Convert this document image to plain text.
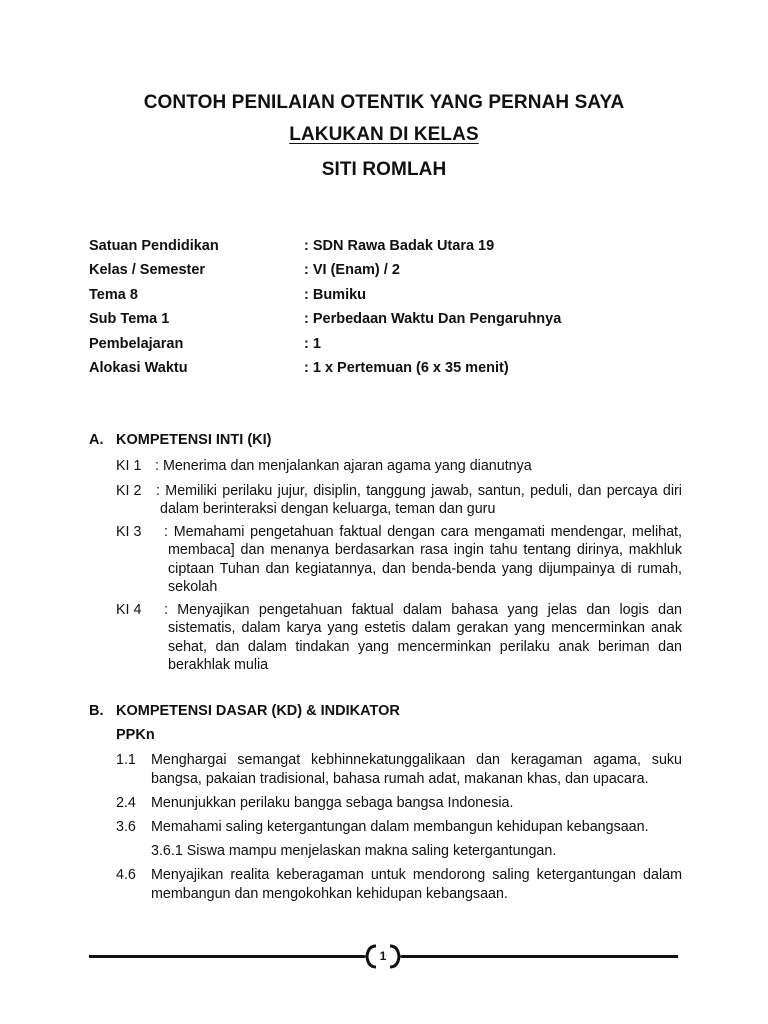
CONTOH PENILAIAN OTENTIK YANG PERNAH SAYA
LAKUKAN DI KELAS
SITI ROMLAH
Satuan Pendidikan	: SDN Rawa Badak Utara 19
Kelas / Semester	: VI (Enam) / 2
Tema 8	: Bumiku
Sub Tema 1	: Perbedaan Waktu Dan Pengaruhnya
Pembelajaran	: 1
Alokasi Waktu	: 1 x Pertemuan (6 x 35 menit)
A. KOMPETENSI INTI (KI)
KI 1 : Menerima dan menjalankan ajaran agama yang dianutnya
KI 2 : Memiliki perilaku jujur, disiplin, tanggung jawab, santun, peduli, dan percaya diri dalam berinteraksi dengan keluarga, teman dan guru
KI 3 : Memahami pengetahuan faktual dengan cara mengamati mendengar, melihat, membaca] dan menanya berdasarkan rasa ingin tahu tentang dirinya, makhluk ciptaan Tuhan dan kegiatannya, dan benda-benda yang dijumpainya di rumah, sekolah
KI 4 : Menyajikan pengetahuan faktual dalam bahasa yang jelas dan logis dan sistematis, dalam karya yang estetis dalam gerakan yang mencerminkan anak sehat, dan dalam tindakan yang mencerminkan perilaku anak beriman dan berakhlak mulia
B. KOMPETENSI DASAR (KD) & INDIKATOR
PPKn
1.1 Menghargai semangat kebhinnekatunggalikaan dan keragaman agama, suku bangsa, pakaian tradisional, bahasa rumah adat, makanan khas, dan upacara.
2.4 Menunjukkan perilaku bangga sebaga bangsa Indonesia.
3.6 Memahami saling ketergantungan dalam membangun kehidupan kebangsaan.
3.6.1 Siswa mampu menjelaskan makna saling ketergantungan.
4.6 Menyajikan realita keberagaman untuk mendorong saling ketergantungan dalam membangun dan mengokohkan kehidupan kebangsaan.
1
